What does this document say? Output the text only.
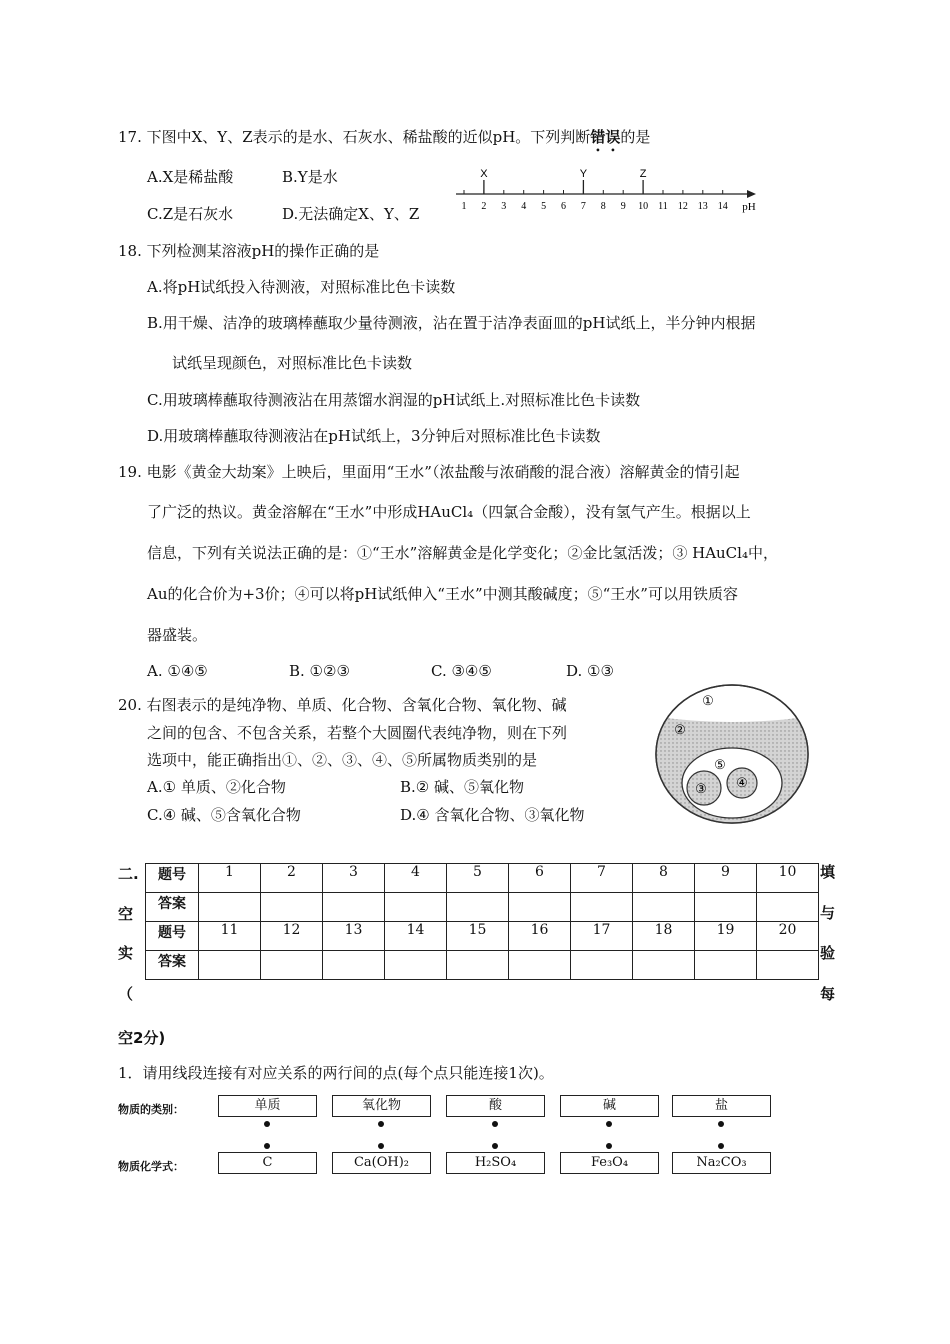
17. 下图中X、Y、Z表示的是水、石灰水、稀盐酸的近似pH。下列判断错误的是
A.X是稀盐酸	B.Y是水
C.Z是石灰水	D.无法确定X、Y、Z	1 2 3 4 5 6 7 8 9 10 11 12 13 14 pH
X	Y	Z
18. 下列检测某溶液pH的操作正确的是
A.将pH试纸投入待测液，对照标准比色卡读数
B.用干燥、洁净的玻璃棒蘸取少量待测液，沾在置于洁净表面皿的pH试纸上，半分钟内根据
试纸呈现颜色，对照标准比色卡读数
C.用玻璃棒蘸取待测液沾在用蒸馏水润湿的pH试纸上.对照标准比色卡读数
D.用玻璃棒蘸取待测液沾在pH试纸上，3分钟后对照标准比色卡读数
19. 电影《黄金大劫案》上映后，里面用“王水”（浓盐酸与浓硝酸的混合液）溶解黄金的情引起
了广泛的热议。黄金溶解在“王水”中形成HAuCl₄（四氯合金酸），没有氢气产生。根据以上
信息，下列有关说法正确的是：①“王水”溶解黄金是化学变化；②金比氢活泼；③ HAuCl₄中，
Au的化合价为+3价；④可以将pH试纸伸入“王水”中测其酸碱度；⑤“王水”可以用铁质容
器盛装。
A. ①④⑤	B. ①②③	C. ③④⑤	D. ①③
20. 右图表示的是纯净物、单质、化合物、含氧化合物、氧化物、碱
之间的包含、不包含关系，若整个大圆圈代表纯净物，则在下列
选项中，能正确指出①、②、③、④、⑤所属物质类别的是
A.① 单质、②化合物	B.② 碱、⑤氧化物
C.④ 碱、⑤含氧化合物	D.④ 含氧化合物、③氧化物
①
②
③ ④
⑤
二.
空
实
（
填
与
验
每
空2分)
题号	1	2	3	4	5	6	7	8	9	10
答案										
题号	11	12	13	14	15	16	17	18	19	20
答案										
1．请用线段连接有对应关系的两行间的点(每个点只能连接1次)。
物质的类别：
物质化学式：
单质	氧化物	酸	碱	盐
C	Ca(OH)₂	H₂SO₄	Fe₃O₄	Na₂CO₃
